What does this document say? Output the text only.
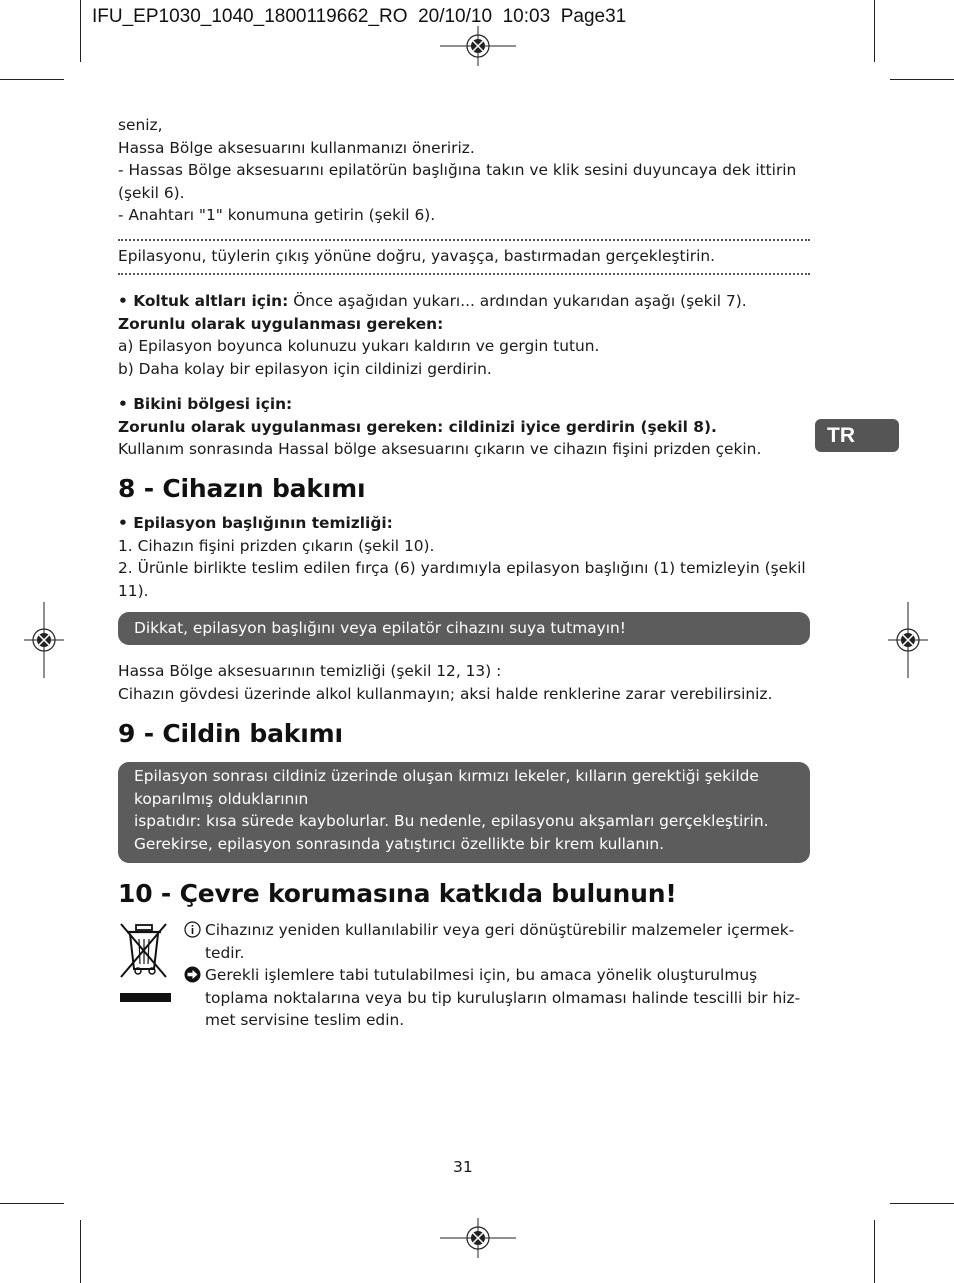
IFU_EP1030_1040_1800119662_RO 20/10/10 10:03 Page31

seniz,

Hassa Bölge aksesuarını kullanmanızı öneririz.

- Hassas Bölge aksesuarını epilatörün başlığına takın ve klik sesini duyuncaya dek ittirin (şekil 6).

- Anahtarı "1" konumuna getirin (şekil 6).

Epilasyonu, tüylerin çıkış yönüne doğru, yavaşça, bastırmadan gerçekleştirin.

• Koltuk altları için: Önce aşağıdan yukarı... ardından yukarıdan aşağı (şekil 7).

Zorunlu olarak uygulanması gereken:

a) Epilasyon boyunca kolunuzu yukarı kaldırın ve gergin tutun.

b) Daha kolay bir epilasyon için cildinizi gerdirin.

• Bikini bölgesi için:

Zorunlu olarak uygulanması gereken: cildinizi iyice gerdirin (şekil 8).

Kullanım sonrasında Hassal bölge aksesuarını çıkarın ve cihazın fişini prizden çekin.

TR
8 - Cihazın bakımı

• Epilasyon başlığının temizliği:

1. Cihazın fişini prizden çıkarın (şekil 10).

2. Ürünle birlikte teslim edilen fırça (6) yardımıyla epilasyon başlığını (1) temizleyin (şekil 11).

Dikkat, epilasyon başlığını veya epilatör cihazını suya tutmayın!

Hassa Bölge aksesuarının temizliği (şekil 12, 13) :

Cihazın gövdesi üzerinde alkol kullanmayın; aksi halde renklerine zarar verebilirsiniz.

9 - Cildin bakımı

Epilasyon sonrası cildiniz üzerinde oluşan kırmızı lekeler, kılların gerektiği şekilde koparılmış olduklarının

ispatıdır: kısa sürede kaybolurlar. Bu nedenle, epilasyonu akşamları gerçekleştirin. Gerekirse, epilasyon sonrasında yatıştırıcı özellikte bir krem kullanın.

10 - Çevre korumasına katkıda bulunun!
Cihazınız yeniden kullanılabilir veya geri dönüştürebilir malzemeler içermek-tedir.
Gerekli işlemlere tabi tutulabilmesi için, bu amaca yönelik oluşturulmuş toplama noktalarına veya bu tip kuruluşların olmaması halinde tescilli bir hiz-met servisine teslim edin.
31
